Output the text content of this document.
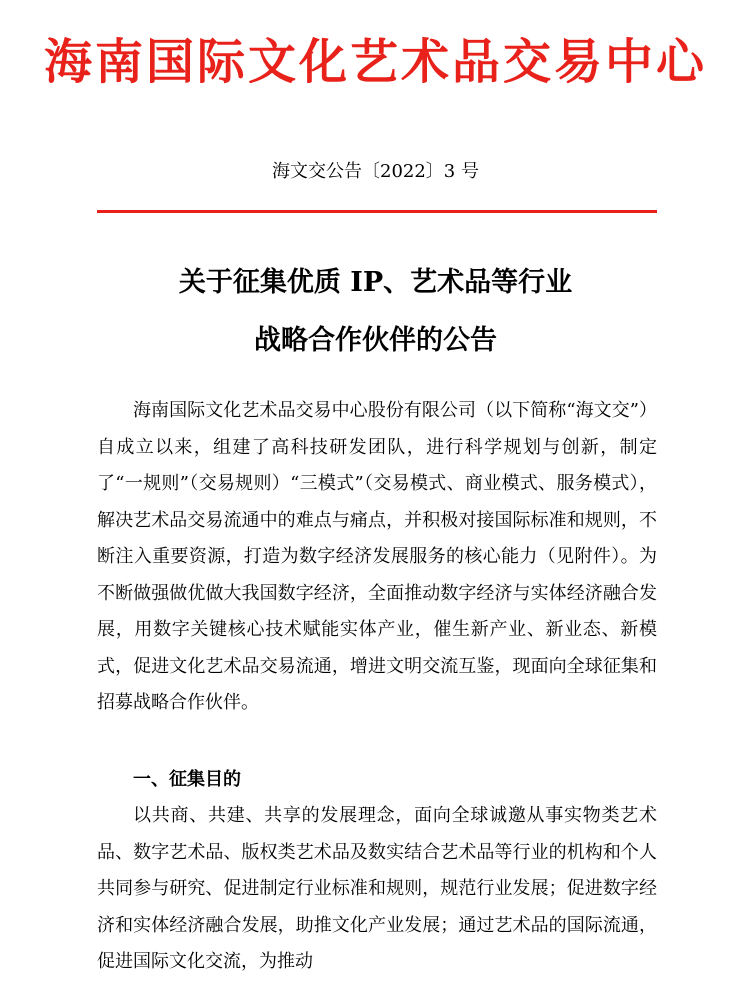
海南国际文化艺术品交易中心
海文交公告〔2022〕3 号
关于征集优质 IP、艺术品等行业
战略合作伙伴的公告

海南国际文化艺术品交易中心股份有限公司（以下简称“海文交”）自成立以来，组建了高科技研发团队，进行科学规划与创新，制定了“一规则”（交易规则）“三模式”（交易模式、商业模式、服务模式），解决艺术品交易流通中的难点与痛点，并积极对接国际标准和规则，不断注入重要资源，打造为数字经济发展服务的核心能力（见附件）。为不断做强做优做大我国数字经济，全面推动数字经济与实体经济融合发展，用数字关键核心技术赋能实体产业，催生新产业、新业态、新模式，促进文化艺术品交易流通，增进文明交流互鉴，现面向全球征集和招募战略合作伙伴。

一、征集目的

以共商、共建、共享的发展理念，面向全球诚邀从事实物类艺术品、数字艺术品、版权类艺术品及数实结合艺术品等行业的机构和个人共同参与研究、促进制定行业标准和规则，规范行业发展；促进数字经济和实体经济融合发展，助推文化产业发展；通过艺术品的国际流通，促进国际文化交流，为推动
